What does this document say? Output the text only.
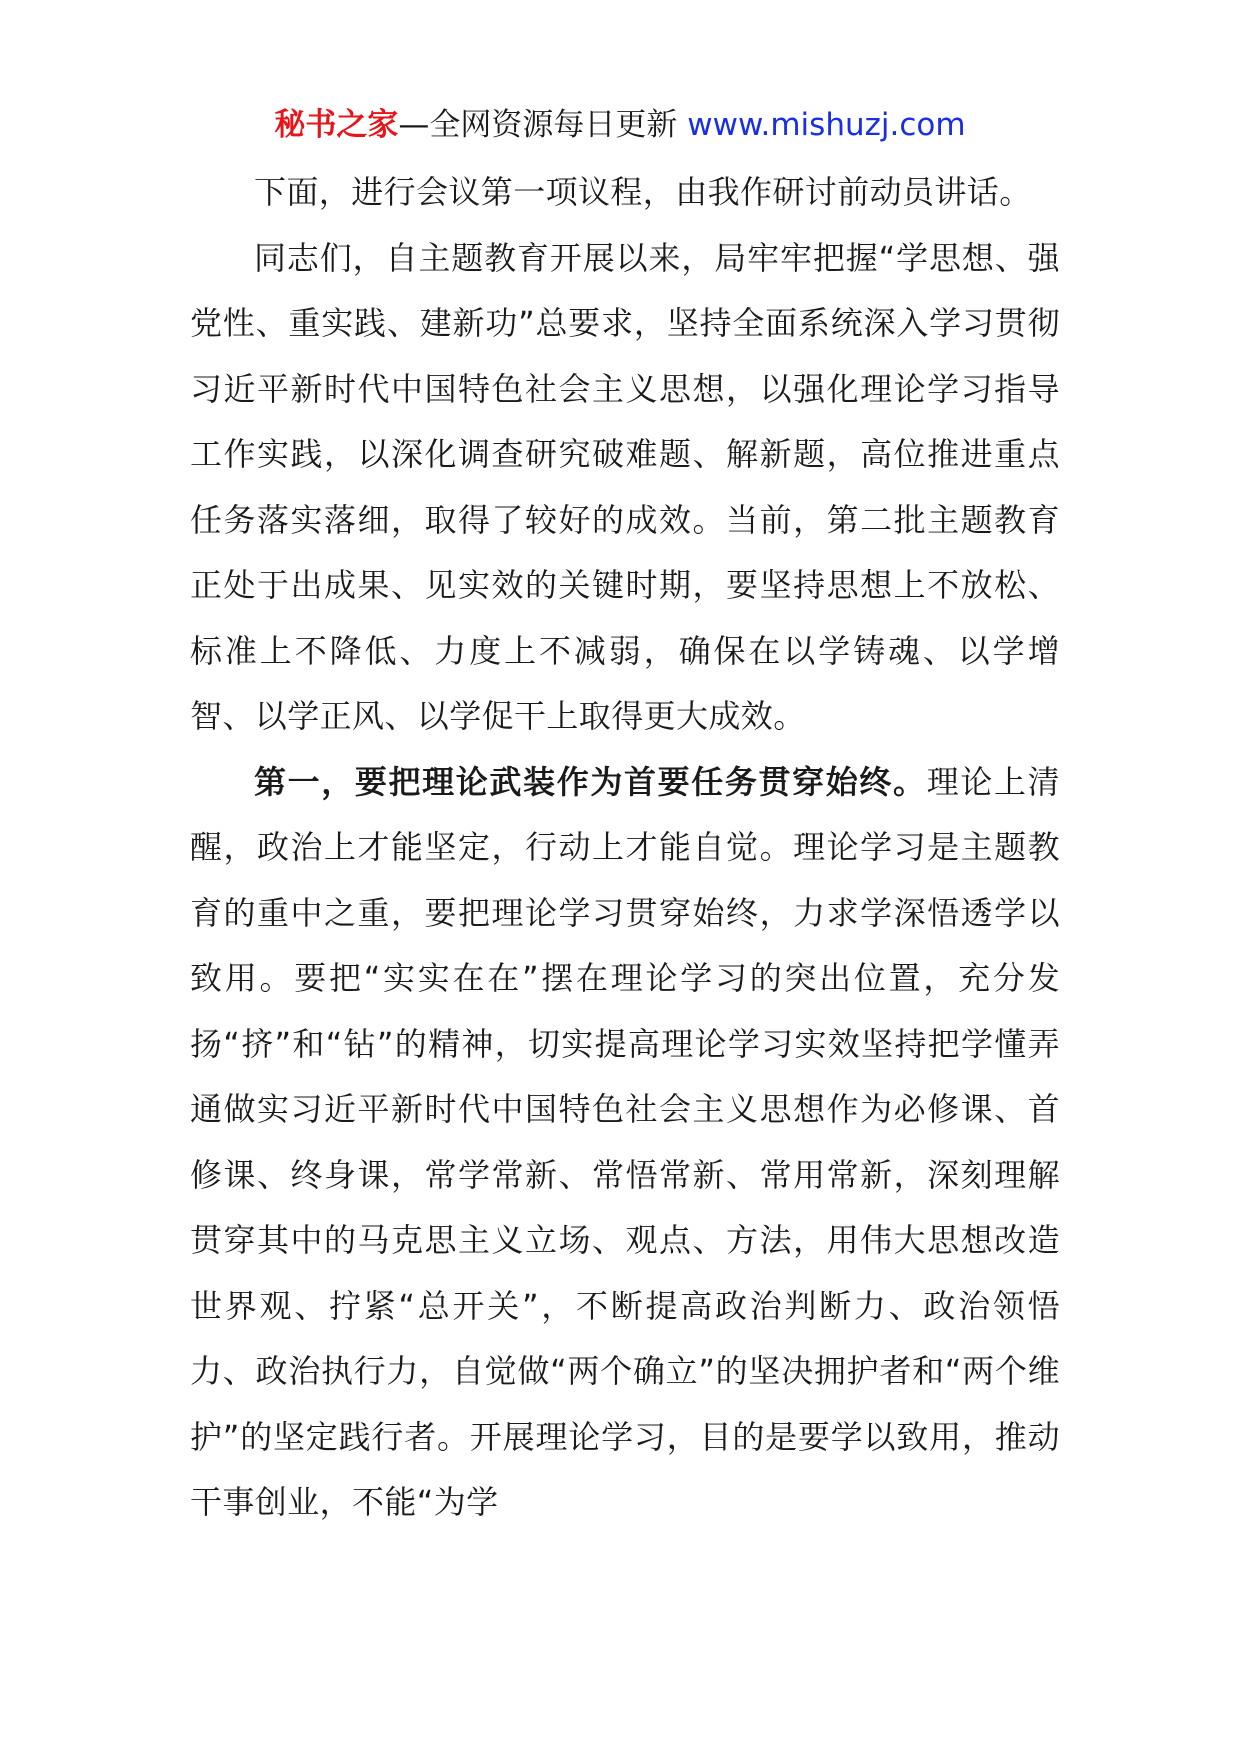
秘书之家—全网资源每日更新 www.mishuzj.com

下面，进行会议第一项议程，由我作研讨前动员讲话。

同志们，自主题教育开展以来，局牢牢把握“学思想、强党性、重实践、建新功”总要求，坚持全面系统深入学习贯彻习近平新时代中国特色社会主义思想，以强化理论学习指导工作实践，以深化调查研究破难题、解新题，高位推进重点任务落实落细，取得了较好的成效。当前，第二批主题教育正处于出成果、见实效的关键时期，要坚持思想上不放松、标准上不降低、力度上不减弱，确保在以学铸魂、以学增智、以学正风、以学促干上取得更大成效。

第一，要把理论武装作为首要任务贯穿始终。理论上清醒，政治上才能坚定，行动上才能自觉。理论学习是主题教育的重中之重，要把理论学习贯穿始终，力求学深悟透学以致用。要把“实实在在”摆在理论学习的突出位置，充分发扬“挤”和“钻”的精神，切实提高理论学习实效坚持把学懂弄通做实习近平新时代中国特色社会主义思想作为必修课、首修课、终身课，常学常新、常悟常新、常用常新，深刻理解贯穿其中的马克思主义立场、观点、方法，用伟大思想改造世界观、拧紧“总开关”，不断提高政治判断力、政治领悟力、政治执行力，自觉做“两个确立”的坚决拥护者和“两个维护”的坚定践行者。开展理论学习，目的是要学以致用，推动干事创业，不能“为学
